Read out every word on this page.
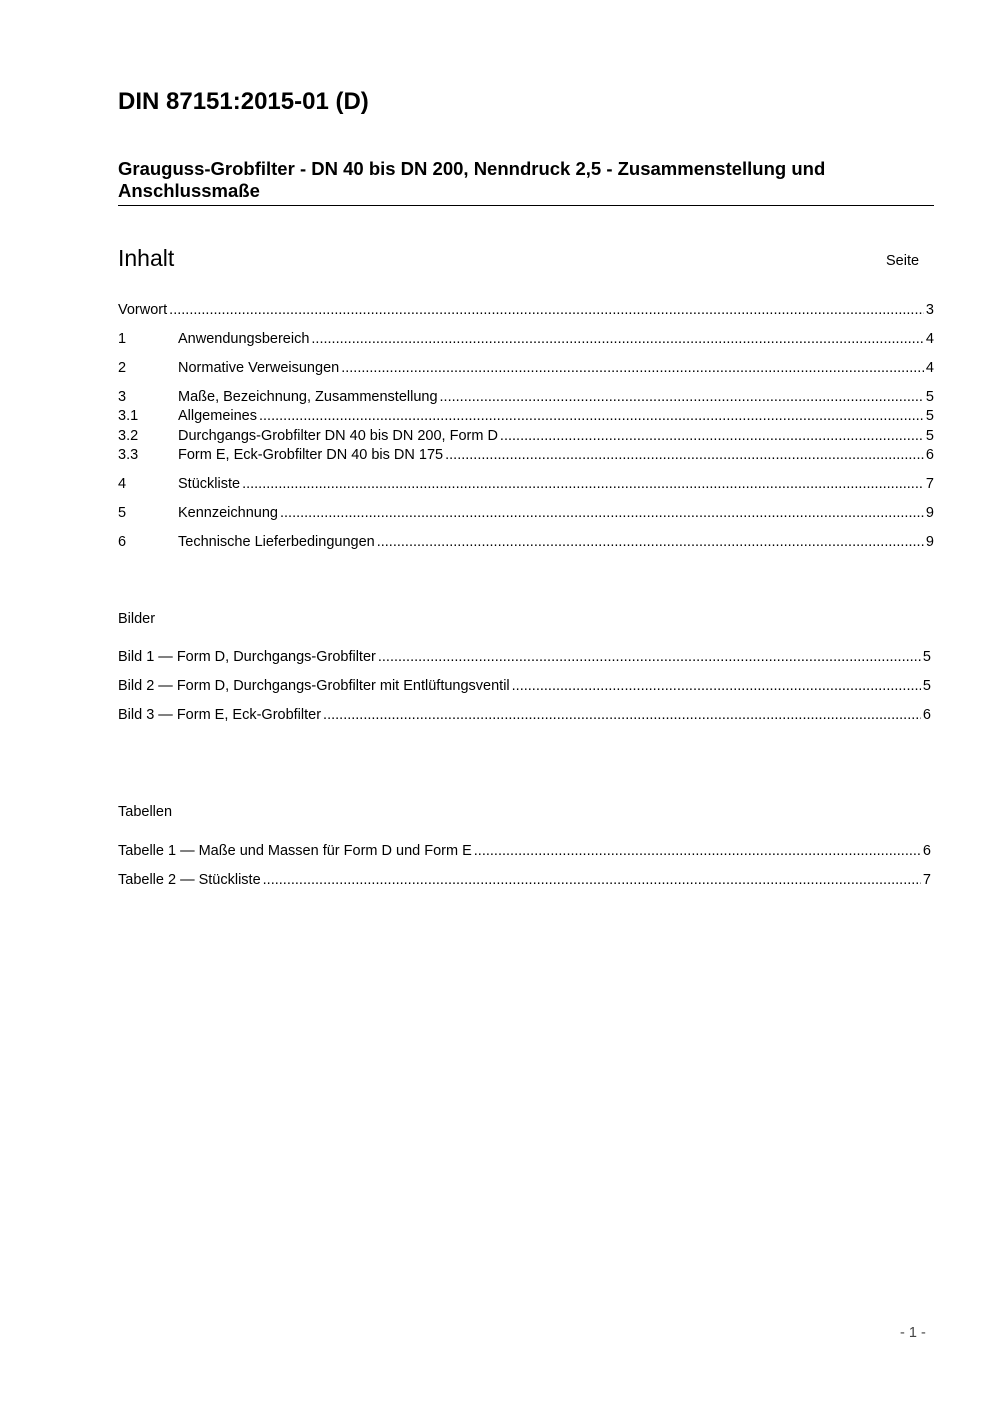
DIN 87151:2015-01 (D)
Grauguss-Grobfilter - DN 40 bis DN 200, Nenndruck 2,5 - Zusammenstellung und Anschlussmaße
Inhalt	Seite
Vorwort .....	3
1	Anwendungsbereich .....	4
2	Normative Verweisungen .....	4
3	Maße, Bezeichnung, Zusammenstellung .....	5
3.1	Allgemeines .....	5
3.2	Durchgangs-Grobfilter DN 40 bis DN 200, Form D .....	5
3.3	Form E, Eck-Grobfilter DN 40 bis DN 175 .....	6
4	Stückliste .....	7
5	Kennzeichnung .....	9
6	Technische Lieferbedingungen .....	9
Bilder
Bild 1 — Form D, Durchgangs-Grobfilter .....	5
Bild 2 — Form D, Durchgangs-Grobfilter mit Entlüftungsventil .....	5
Bild 3 — Form E, Eck-Grobfilter .....	6
Tabellen
Tabelle 1 — Maße und Massen für Form D und Form E .....	6
Tabelle 2 — Stückliste .....	7
- 1 -
